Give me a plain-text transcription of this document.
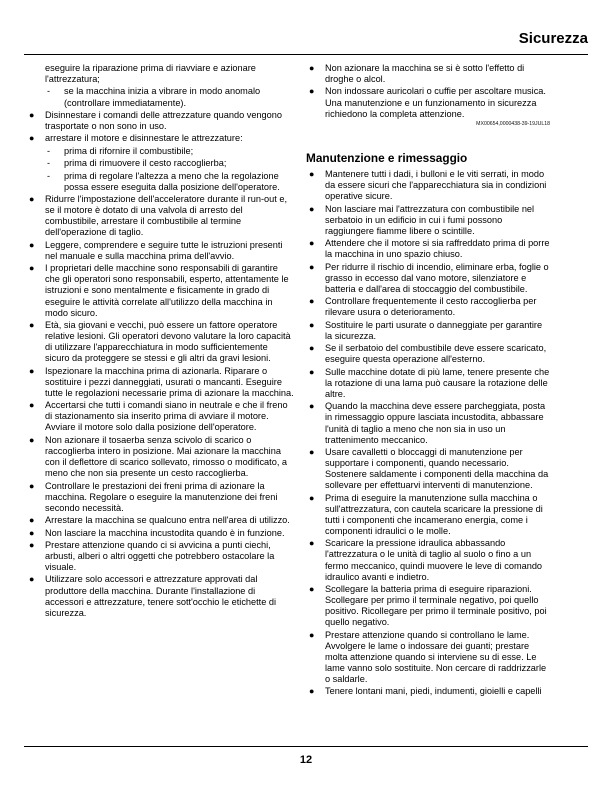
Sicurezza
eseguire la riparazione prima di riavviare e azionare l'attrezzatura;
- se la macchina inizia a vibrare in modo anomalo (controllare immediatamente).
●	Disinnestare i comandi delle attrezzature quando vengono trasportate o non sono in uso.
●	arrestare il motore e disinnestare le attrezzature:
- prima di rifornire il combustibile;
- prima di rimuovere il cesto raccoglierba;
- prima di regolare l'altezza a meno che la regolazione possa essere eseguita dalla posizione dell'operatore.
●	Ridurre l'impostazione dell'acceleratore durante il run-out e, se il motore è dotato di una valvola di arresto del combustibile, arrestare il combustibile al termine dell'operazione di taglio.
●	Leggere, comprendere e seguire tutte le istruzioni presenti nel manuale e sulla macchina prima dell'avvio.
●	I proprietari delle macchine sono responsabili di garantire che gli operatori sono responsabili, esperto, attentamente le istruzioni e sono mentalmente e fisicamente in grado di eseguire le attività correlate all'utilizzo della macchina in modo sicuro.
●	Età, sia giovani e vecchi, può essere un fattore operatore relative lesioni. Gli operatori devono valutare la loro capacità di utilizzare l'apparecchiatura in modo sufficientemente sicuro da proteggere se stessi e gli altri da gravi lesioni.
●	Ispezionare la macchina prima di azionarla. Riparare o sostituire i pezzi danneggiati, usurati o mancanti. Eseguire tutte le regolazioni necessarie prima di azionare la macchina.
●	Accertarsi che tutti i comandi siano in neutrale e che il freno di stazionamento sia inserito prima di avviare il motore. Avviare il motore solo dalla posizione dell'operatore.
●	Non azionare il tosaerba senza scivolo di scarico o raccoglierba intero in posizione. Mai azionare la macchina con il deflettore di scarico sollevato, rimosso o modificato, a meno che non sia presente un cesto raccoglierba.
●	Controllare le prestazioni dei freni prima di azionare la macchina. Regolare o eseguire la manutenzione dei freni secondo necessità.
●	Arrestare la macchina se qualcuno entra nell'area di utilizzo.
●	Non lasciare la macchina incustodita quando è in funzione.
●	Prestare attenzione quando ci si avvicina a punti ciechi, arbusti, alberi o altri oggetti che potrebbero ostacolare la visuale.
●	Utilizzare solo accessori e attrezzature approvati dal produttore della macchina. Durante l'installazione di accessori e attrezzature, tenere sott'occhio le etichette di sicurezza.
●	Non azionare la macchina se si è sotto l'effetto di droghe o alcol.
●	Non indossare auricolari o cuffie per ascoltare musica. Una manutenzione e un funzionamento in sicurezza richiedono la completa attenzione.
MX00654,0000438-39-19JUL18
Manutenzione e rimessaggio
●	Mantenere tutti i dadi, i bulloni e le viti serrati, in modo da essere sicuri che l'apparecchiatura sia in condizioni operative sicure.
●	Non lasciare mai l'attrezzatura con combustibile nel serbatoio in un edificio in cui i fumi possono raggiungere fiamme libere o scintille.
●	Attendere che il motore si sia raffreddato prima di porre la macchina in uno spazio chiuso.
●	Per ridurre il rischio di incendio, eliminare erba, foglie o grasso in eccesso dal vano motore, silenziatore e batteria e dall'area di stoccaggio del combustibile.
●	Controllare frequentemente il cesto raccoglierba per rilevare usura o deterioramento.
●	Sostituire le parti usurate o danneggiate per garantire la sicurezza.
●	Se il serbatoio del combustibile deve essere scaricato, eseguire questa operazione all'esterno.
●	Sulle macchine dotate di più lame, tenere presente che la rotazione di una lama può causare la rotazione delle altre.
●	Quando la macchina deve essere parcheggiata, posta in rimessaggio oppure lasciata incustodita, abbassare l'unità di taglio a meno che non sia in uso un trattenimento meccanico.
●	Usare cavalletti o bloccaggi di manutenzione per supportare i componenti, quando necessario. Sostenere saldamente i componenti della macchina da sollevare per effettuarvi interventi di manutenzione.
●	Prima di eseguire la manutenzione sulla macchina o sull'attrezzatura, con cautela scaricare la pressione di tutti i componenti che incamerano energia, come i componenti idraulici o le molle.
●	Scaricare la pressione idraulica abbassando l'attrezzatura o le unità di taglio al suolo o fino a un fermo meccanico, quindi muovere le leve di comando idraulico avanti e indietro.
●	Scollegare la batteria prima di eseguire riparazioni. Scollegare per primo il terminale negativo, poi quello positivo. Ricollegare per primo il terminale positivo, poi quello negativo.
●	Prestare attenzione quando si controllano le lame. Avvolgere le lame o indossare dei guanti; prestare molta attenzione quando si interviene su di esse. Le lame vanno solo sostituite. Non cercare di raddrizzarle o saldarle.
●	Tenere lontani mani, piedi, indumenti, gioielli e capelli
12
